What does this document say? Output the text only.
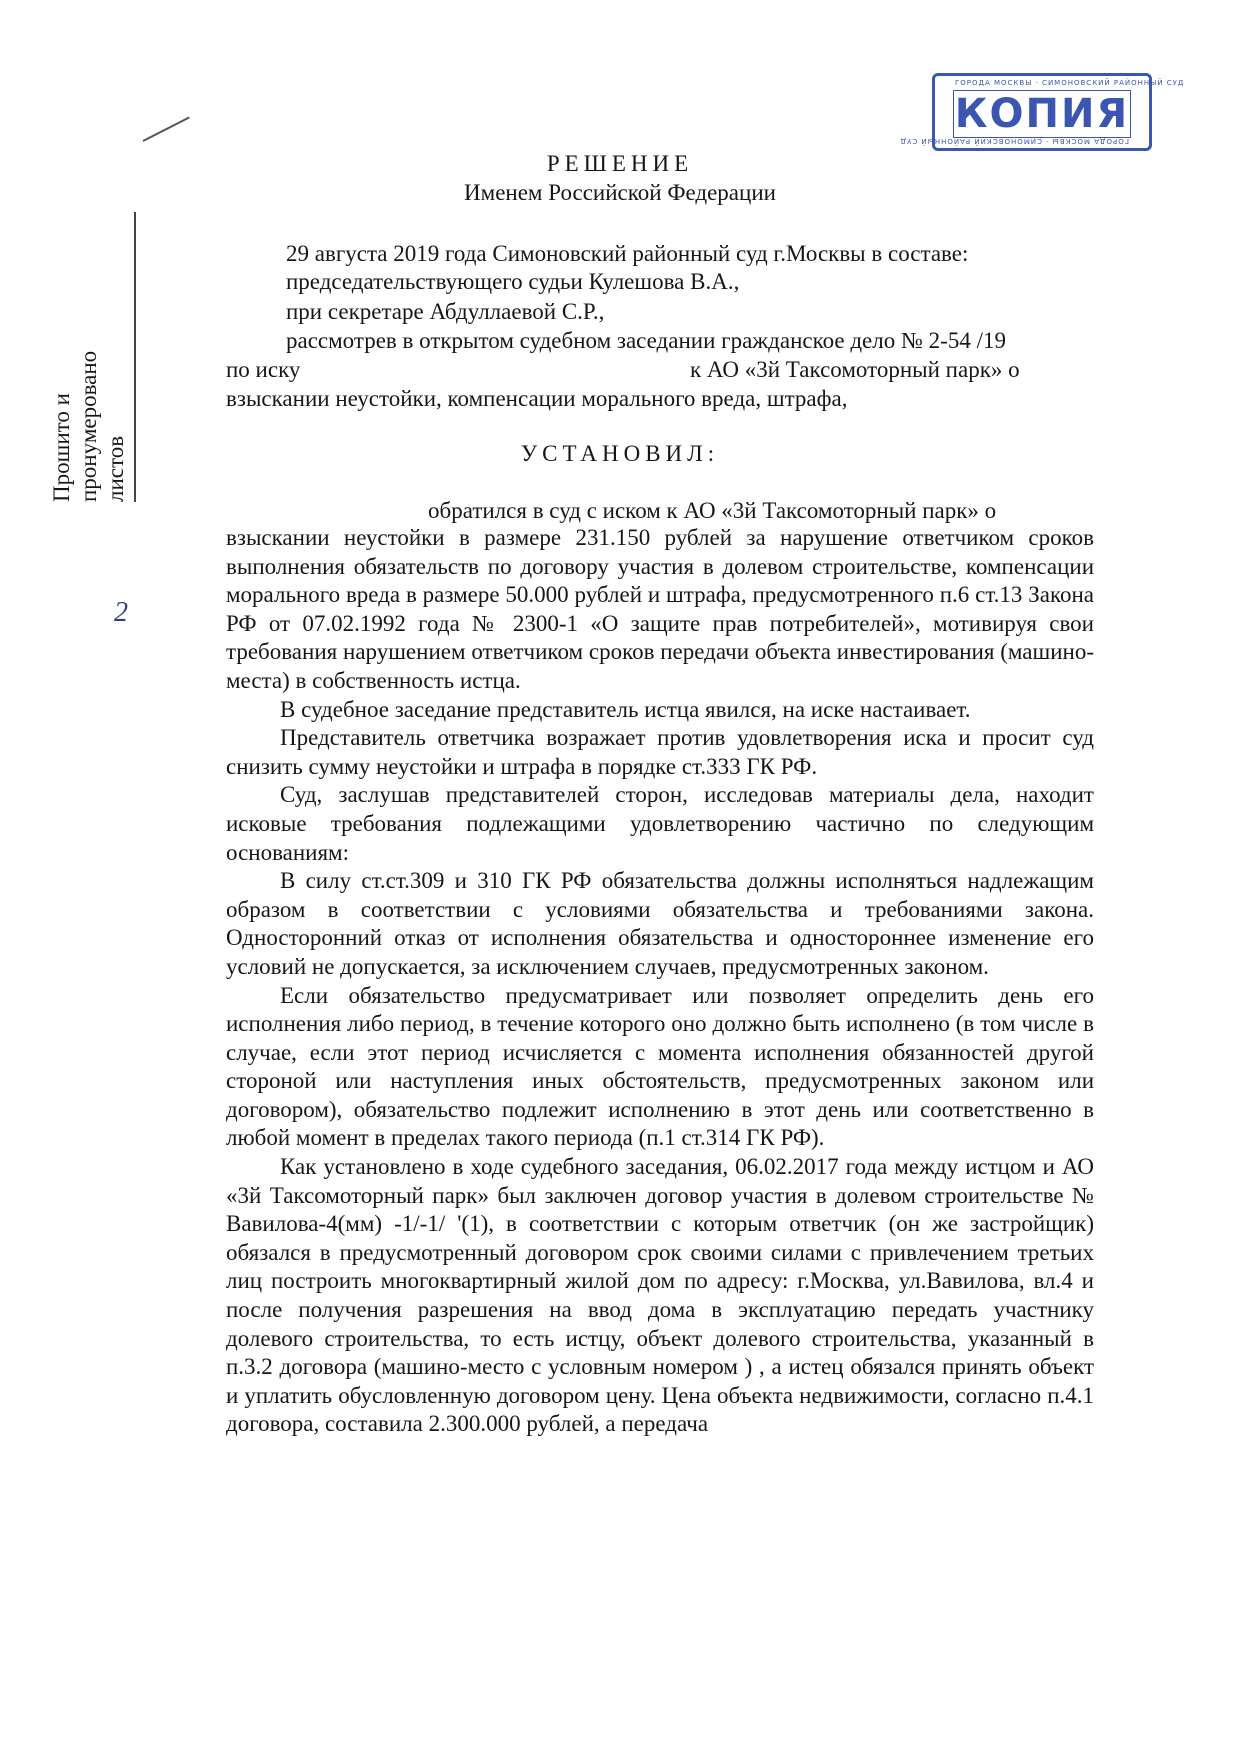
ГОРОДА МОСКВЫ · СИМОНОВСКИЙ РАЙОННЫЙ СУД
ГОРОДА МОСКВЫ · СИМОНОВСКИЙ РАЙОННЫЙ СУД
КОПИЯ
Прошито и
пронумеровано
листов
2
РЕШЕНИЕ
Именем Российской Федерации
29 августа 2019 года Симоновский районный суд г.Москвы в составе:
председательствующего судьи Кулешова В.А.,
при секретаре Абдуллаевой С.Р.,
рассмотрев в открытом судебном заседании гражданское дело № 2-54 /19
по иску	к АО «3й Таксомоторный парк» о
взыскании неустойки, компенсации морального вреда, штрафа,
УСТАНОВИЛ:
обратился в суд с иском к АО «3й Таксомоторный парк» о

взыскании неустойки в размере 231.150 рублей за нарушение ответчиком сроков выполнения обязательств по договору участия в долевом строительстве, компенсации морального вреда в размере 50.000 рублей и штрафа, предусмотренного п.6 ст.13 Закона РФ от 07.02.1992 года № 2300-1 «О защите прав потребителей», мотивируя свои требования нарушением ответчиком сроков передачи объекта инвестирования (машино-места) в собственность истца.

В судебное заседание представитель истца явился, на иске настаивает.

Представитель ответчика возражает против удовлетворения иска и просит суд снизить сумму неустойки и штрафа в порядке ст.333 ГК РФ.

Суд, заслушав представителей сторон, исследовав материалы дела, находит исковые требования подлежащими удовлетворению частично по следующим основаниям:

В силу ст.ст.309 и 310 ГК РФ обязательства должны исполняться надлежащим образом в соответствии с условиями обязательства и требованиями закона. Односторонний отказ от исполнения обязательства и одностороннее изменение его условий не допускается, за исключением случаев, предусмотренных законом.

Если обязательство предусматривает или позволяет определить день его исполнения либо период, в течение которого оно должно быть исполнено (в том числе в случае, если этот период исчисляется с момента исполнения обязанностей другой стороной или наступления иных обстоятельств, предусмотренных законом или договором), обязательство подлежит исполнению в этот день или соответственно в любой момент в пределах такого периода (п.1 ст.314 ГК РФ).

Как установлено в ходе судебного заседания, 06.02.2017 года между истцом и АО «3й Таксомоторный парк» был заключен договор участия в долевом строительстве № Вавилова-4(мм) -1/-1/ '(1), в соответствии с которым ответчик (он же застройщик) обязался в предусмотренный договором срок своими силами с привлечением третьих лиц построить многоквартирный жилой дом по адресу: г.Москва, ул.Вавилова, вл.4 и после получения разрешения на ввод дома в эксплуатацию передать участнику долевого строительства, то есть истцу, объект долевого строительства, указанный в п.3.2 договора (машино-место с условным номером ) , а истец обязался принять объект и уплатить обусловленную договором цену. Цена объекта недвижимости, согласно п.4.1 договора, составила 2.300.000 рублей, а передача
